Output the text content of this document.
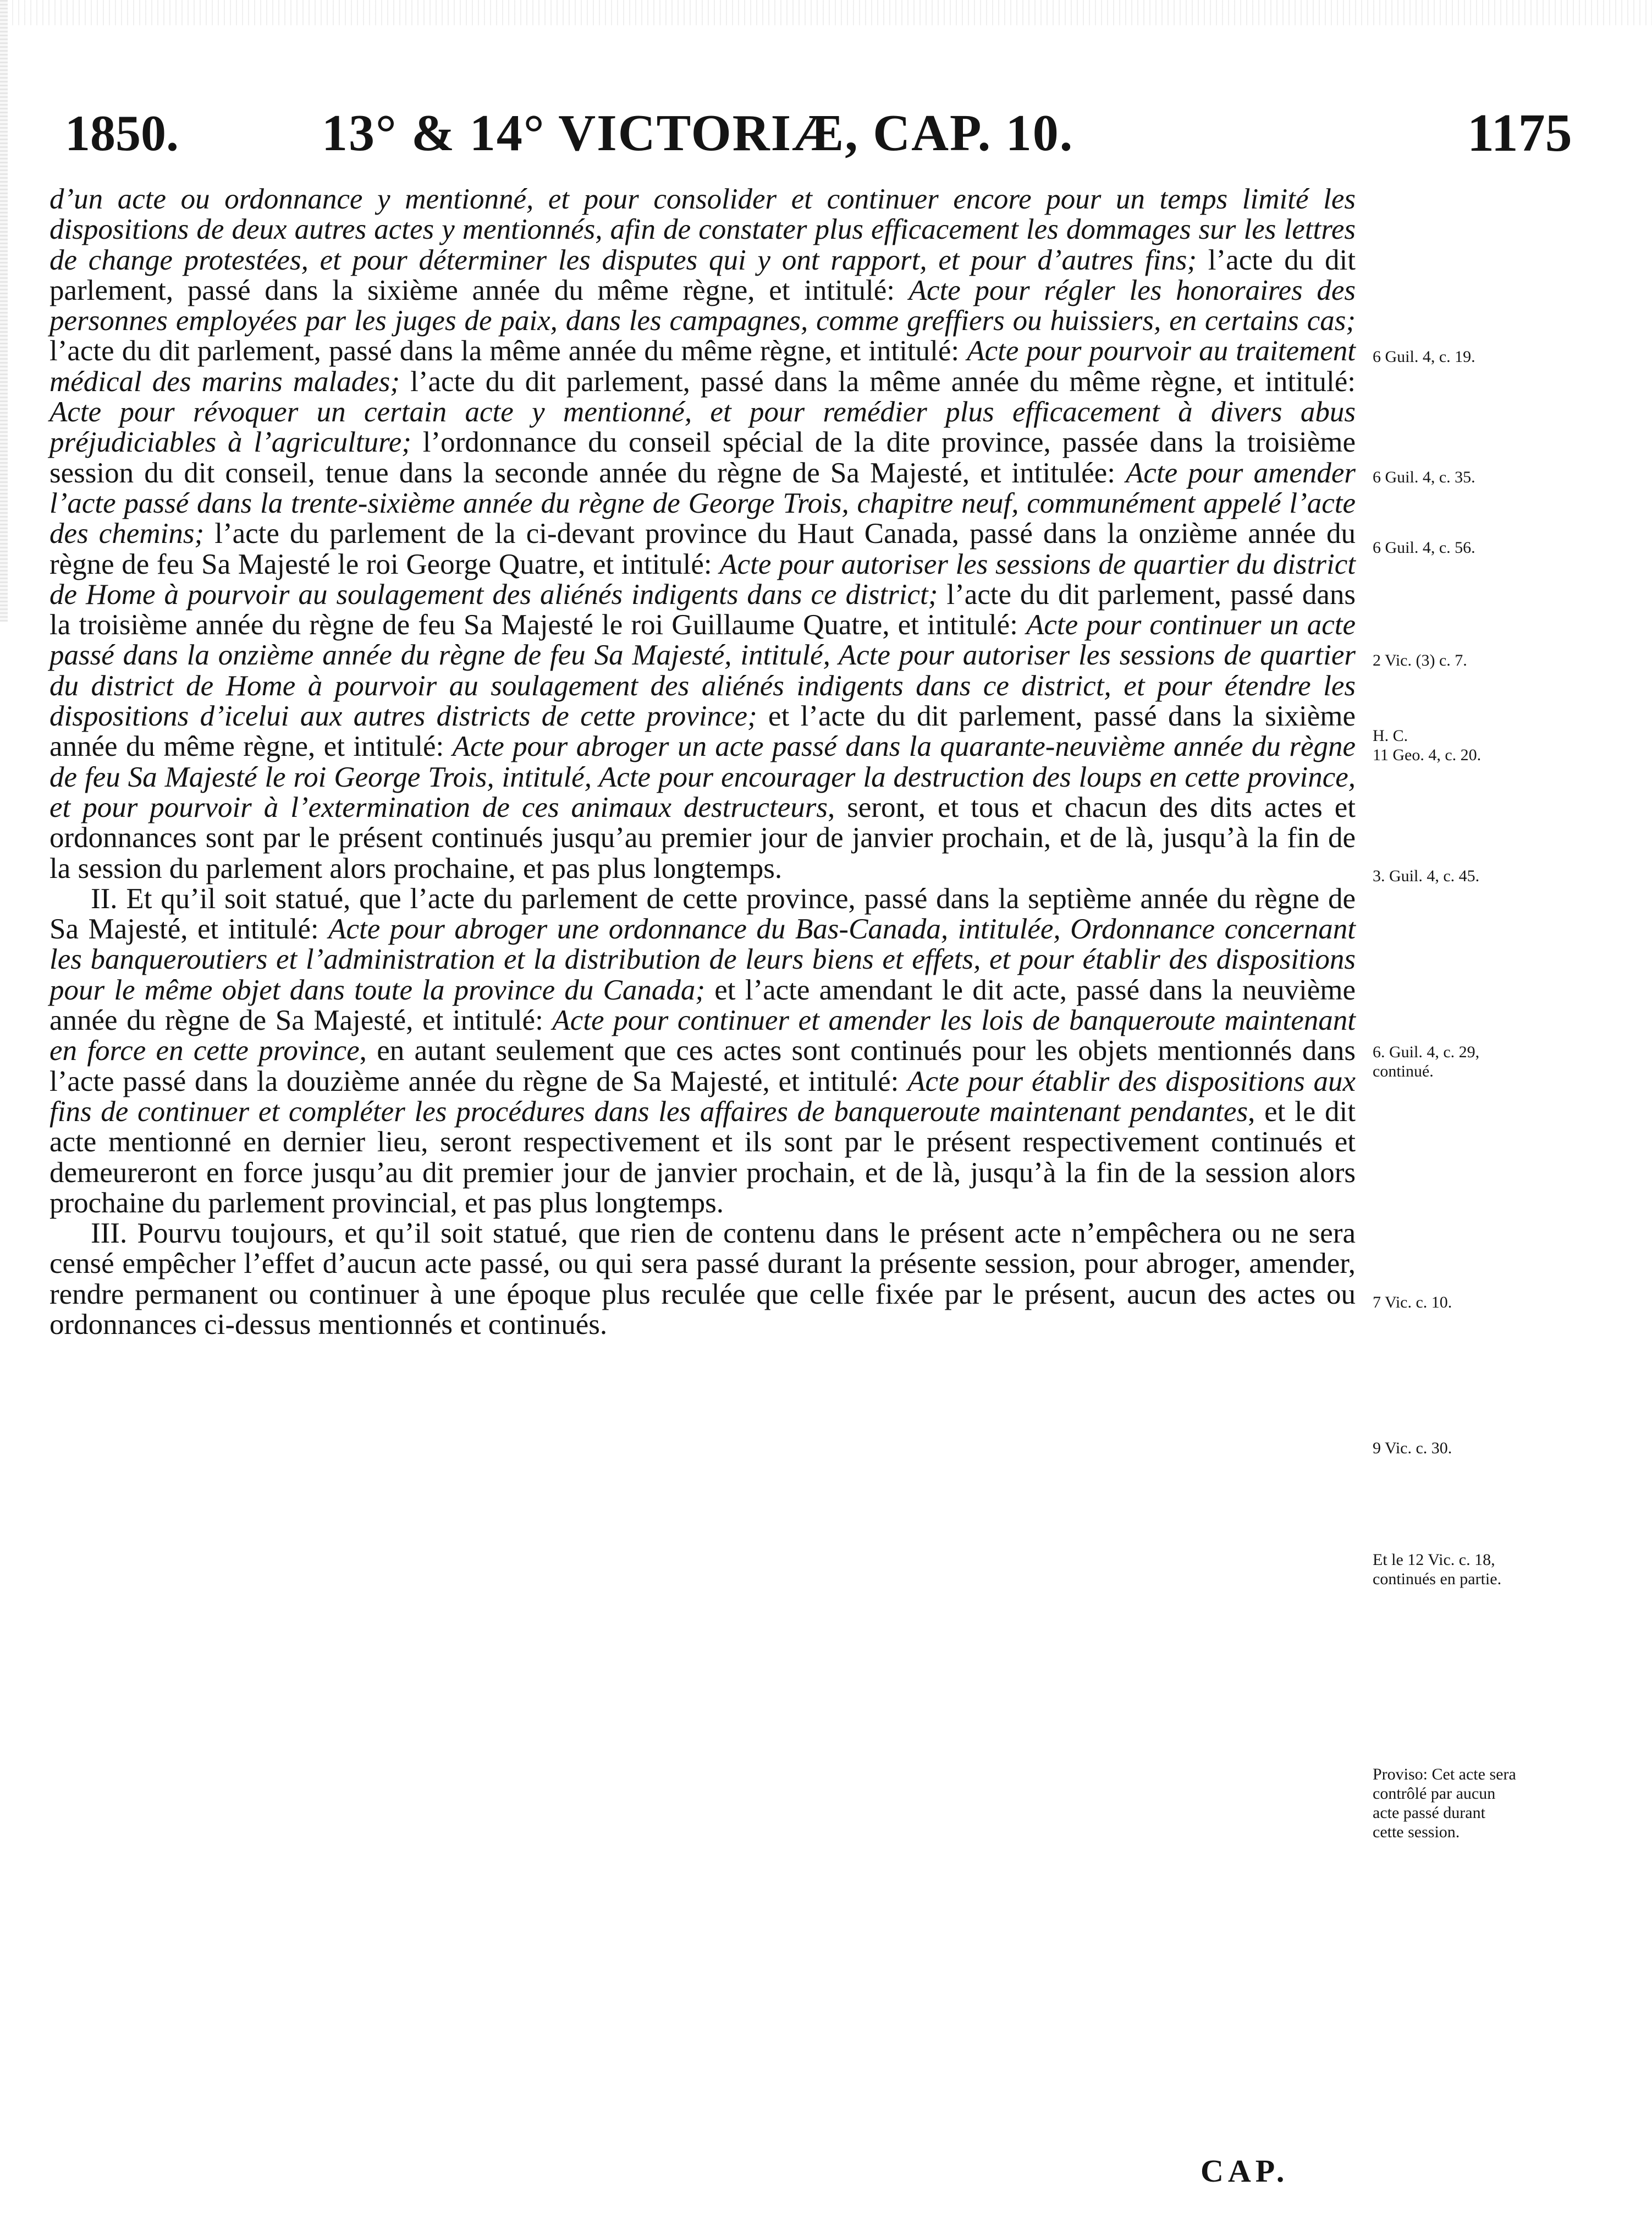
1850.	13° & 14° VICTORIÆ, CAP. 10.	1175

d’un acte ou ordonnance y mentionné, et pour consolider et continuer encore pour un temps limité les dispositions de deux autres actes y mentionnés, afin de constater plus efficacement les dommages sur les lettres de change protestées, et pour déterminer les disputes qui y ont rapport, et pour d’autres fins; l’acte du dit parlement, passé dans la sixième année du même règne, et intitulé: Acte pour régler les honoraires des personnes employées par les juges de paix, dans les campagnes, comme greffiers ou huissiers, en certains cas; l’acte du dit parlement, passé dans la même année du même règne, et intitulé: Acte pour pourvoir au traitement médical des marins malades; l’acte du dit parlement, passé dans la même année du même règne, et intitulé: Acte pour révoquer un certain acte y mentionné, et pour remédier plus efficacement à divers abus préjudiciables à l’agriculture; l’ordonnance du conseil spécial de la dite province, passée dans la troisième session du dit conseil, tenue dans la seconde année du règne de Sa Majesté, et intitulée: Acte pour amender l’acte passé dans la trente-sixième année du règne de George Trois, chapitre neuf, communément appelé l’acte des chemins; l’acte du parlement de la ci-devant province du Haut Canada, passé dans la onzième année du règne de feu Sa Majesté le roi George Quatre, et intitulé: Acte pour autoriser les sessions de quartier du district de Home à pourvoir au soulagement des aliénés indigents dans ce district; l’acte du dit parlement, passé dans la troisième année du règne de feu Sa Majesté le roi Guillaume Quatre, et intitulé: Acte pour continuer un acte passé dans la onzième année du règne de feu Sa Majesté, intitulé, Acte pour autoriser les sessions de quartier du district de Home à pourvoir au soulagement des aliénés indigents dans ce district, et pour étendre les dispositions d’icelui aux autres districts de cette province; et l’acte du dit parlement, passé dans la sixième année du même règne, et intitulé: Acte pour abroger un acte passé dans la quarante-neuvième année du règne de feu Sa Majesté le roi George Trois, intitulé, Acte pour encourager la destruction des loups en cette province, et pour pourvoir à l’extermination de ces animaux destructeurs, seront, et tous et chacun des dits actes et ordonnances sont par le présent continués jusqu’au premier jour de janvier prochain, et de là, jusqu’à la fin de la session du parlement alors prochaine, et pas plus longtemps.

II. Et qu’il soit statué, que l’acte du parlement de cette province, passé dans la septième année du règne de Sa Majesté, et intitulé: Acte pour abroger une ordonnance du Bas-Canada, intitulée, Ordonnance concernant les banqueroutiers et l’administration et la distribution de leurs biens et effets, et pour établir des dispositions pour le même objet dans toute la province du Canada; et l’acte amendant le dit acte, passé dans la neuvième année du règne de Sa Majesté, et intitulé: Acte pour continuer et amender les lois de banqueroute maintenant en force en cette province, en autant seulement que ces actes sont continués pour les objets mentionnés dans l’acte passé dans la douzième année du règne de Sa Majesté, et intitulé: Acte pour établir des dispositions aux fins de continuer et compléter les procédures dans les affaires de banqueroute maintenant pendantes, et le dit acte mentionné en dernier lieu, seront respectivement et ils sont par le présent respectivement continués et demeureront en force jusqu’au dit premier jour de janvier prochain, et de là, jusqu’à la fin de la session alors prochaine du parlement provincial, et pas plus longtemps.

III. Pourvu toujours, et qu’il soit statué, que rien de contenu dans le présent acte n’empêchera ou ne sera censé empêcher l’effet d’aucun acte passé, ou qui sera passé durant la présente session, pour abroger, amender, rendre permanent ou continuer à une époque plus reculée que celle fixée par le présent, aucun des actes ou ordonnances ci-dessus mentionnés et continués.

6 Guil. 4, c. 19.
6 Guil. 4, c. 35.
6 Guil. 4, c. 56.
2 Vic. (3) c. 7.
H. C.
11 Geo. 4, c. 20.
3. Guil. 4, c. 45.
6. Guil. 4, c. 29,
continué.
7 Vic. c. 10.
9 Vic. c. 30.
Et le 12 Vic. c. 18,
continués en partie.
Proviso: Cet acte sera
contrôlé par aucun
acte passé durant
cette session.
CAP.
